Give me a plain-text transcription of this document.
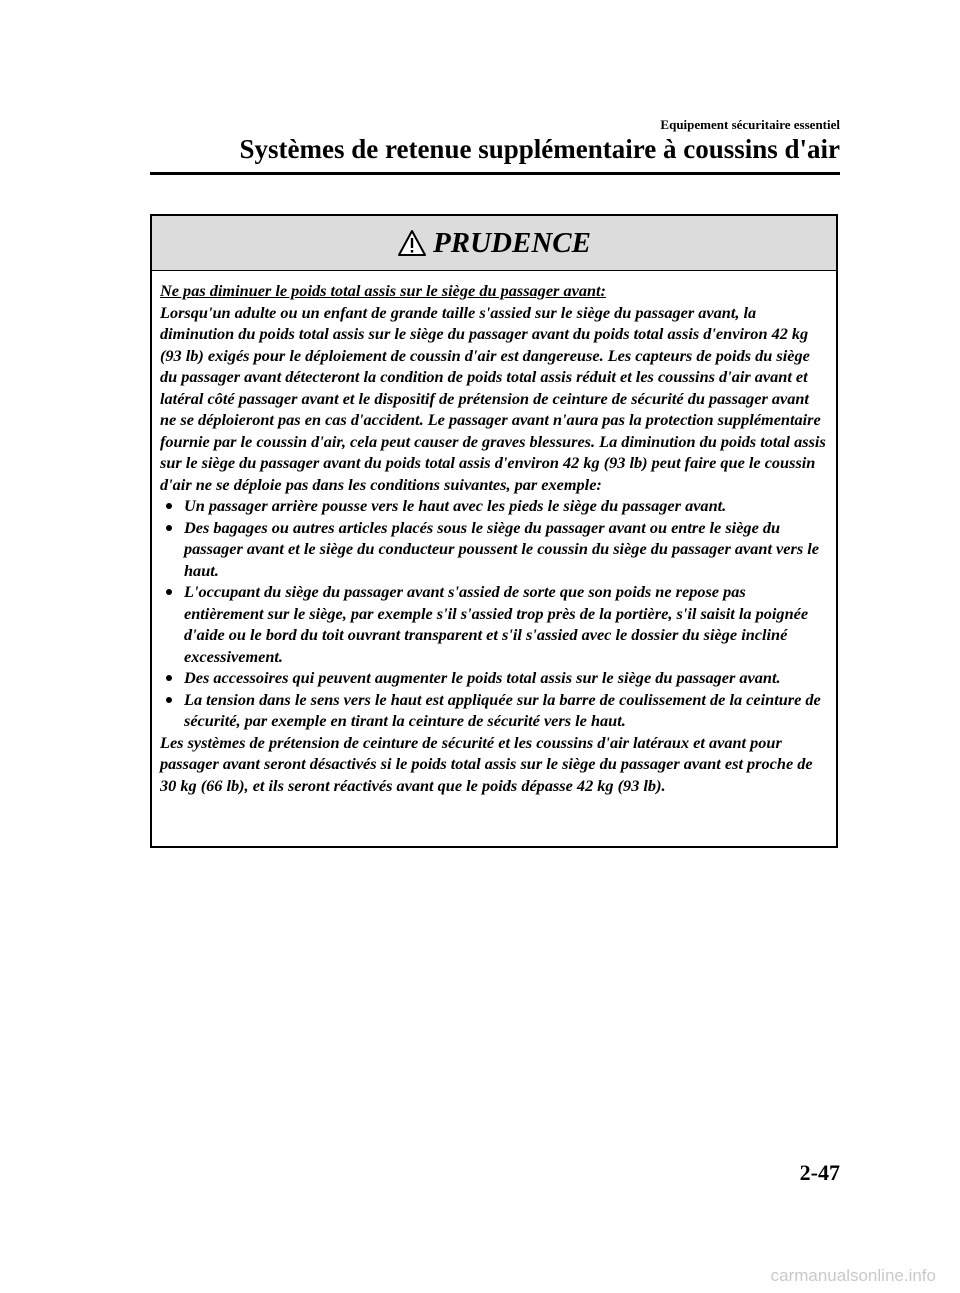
Equipement sécuritaire essentiel
Systèmes de retenue supplémentaire à coussins d'air
PRUDENCE

Ne pas diminuer le poids total assis sur le siège du passager avant:

Lorsqu'un adulte ou un enfant de grande taille s'assied sur le siège du passager avant, la diminution du poids total assis sur le siège du passager avant du poids total assis d'environ 42 kg (93 lb) exigés pour le déploiement de coussin d'air est dangereuse. Les capteurs de poids du siège du passager avant détecteront la condition de poids total assis réduit et les coussins d'air avant et latéral côté passager avant et le dispositif de prétension de ceinture de sécurité du passager avant ne se déploieront pas en cas d'accident. Le passager avant n'aura pas la protection supplémentaire fournie par le coussin d'air, cela peut causer de graves blessures. La diminution du poids total assis sur le siège du passager avant du poids total assis d'environ 42 kg (93 lb) peut faire que le coussin d'air ne se déploie pas dans les conditions suivantes, par exemple:

Un passager arrière pousse vers le haut avec les pieds le siège du passager avant.
Des bagages ou autres articles placés sous le siège du passager avant ou entre le siège du passager avant et le siège du conducteur poussent le coussin du siège du passager avant vers le haut.
L'occupant du siège du passager avant s'assied de sorte que son poids ne repose pas entièrement sur le siège, par exemple s'il s'assied trop près de la portière, s'il saisit la poignée d'aide ou le bord du toit ouvrant transparent et s'il s'assied avec le dossier du siège incliné excessivement.
Des accessoires qui peuvent augmenter le poids total assis sur le siège du passager avant.
La tension dans le sens vers le haut est appliquée sur la barre de coulissement de la ceinture de sécurité, par exemple en tirant la ceinture de sécurité vers le haut.

Les systèmes de prétension de ceinture de sécurité et les coussins d'air latéraux et avant pour passager avant seront désactivés si le poids total assis sur le siège du passager avant est proche de 30 kg (66 lb), et ils seront réactivés avant que le poids dépasse 42 kg (93 lb).

2-47
carmanualsonline.info
